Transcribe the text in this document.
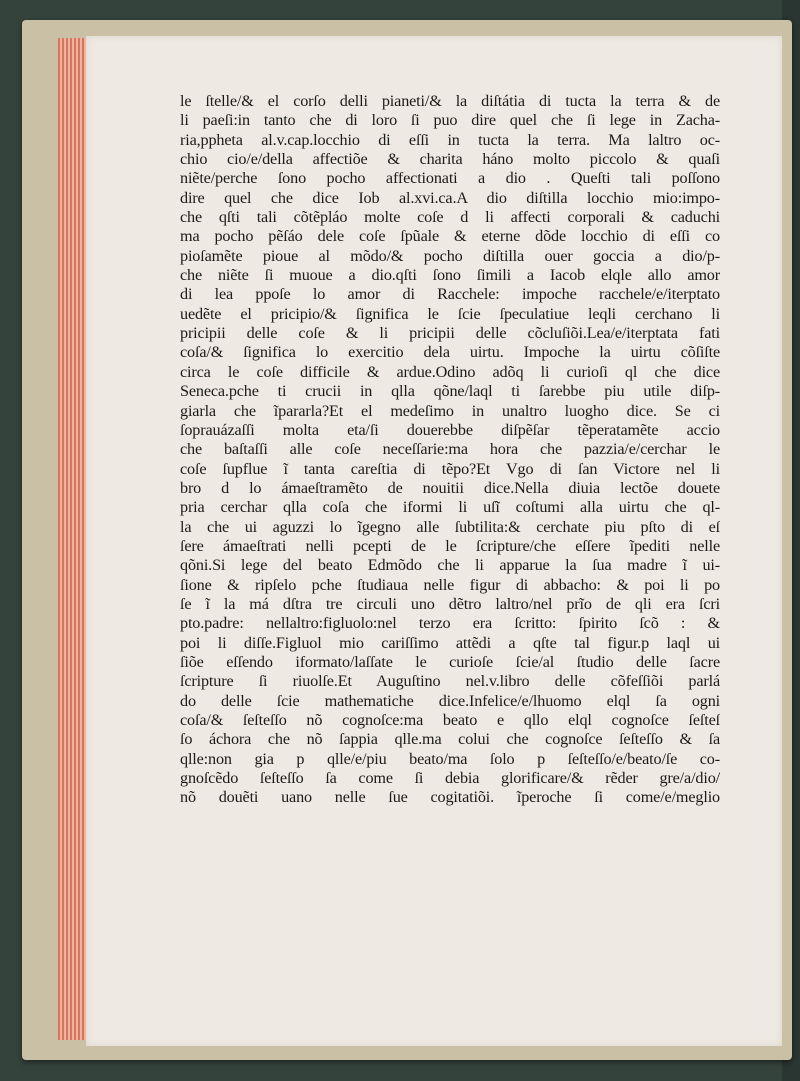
le ſtelle/& el corſo delli pianeti/& la diſtátia di tucta la terra & de
li paeſi:in tanto che di loro ſi puo dire quel che ſi lege in Zacha-
ria,ppheta al.v.cap.locchio di eſſi in tucta la terra. Ma laltro oc-
chio cio/e/della affectiõe & charita háno molto piccolo & quaſi
niẽte/perche ſono pocho affectionati a dio . Queſti tali poſſono
dire quel che dice Iob al.xvi.ca.A dio diſtilla locchio mio:impo-
che qſti tali cõtẽpláo molte coſe d li affecti corporali & caduchi
ma pocho pẽſáo dele coſe ſpũale & eterne dõde locchio di eſſi co
pioſamẽte pioue al mõdo/& pocho diſtilla ouer goccia a dio/p-
che niẽte ſi muoue a dio.qſti ſono ſimili a Iacob elqle allo amor
di lea ppoſe lo amor di Racchele: impoche racchele/e/iterptato
uedẽte el pricipio/& ſignifica le ſcie ſpeculatiue leqli cerchano li
pricipii delle coſe & li pricipii delle cõcluſiõi.Lea/e/iterptata fati
coſa/& ſignifica lo exercitio dela uirtu. Impoche la uirtu cõſiſte
circa le coſe difficile & ardue.Odino adõq li curioſi ql che dice
Seneca.pche ti crucii in qlla qõne/laql ti ſarebbe piu utile diſp-
giarla che ĩpararla?Et el medeſimo in unaltro luogho dice. Se ci
ſoprauázaſſi molta eta/ſi douerebbe diſpẽſar tẽperatamẽte accio
che baſtaſſi alle coſe neceſſarie:ma hora che pazzia/e/cerchar le
coſe ſupflue ĩ tanta careſtia di tẽpo?Et Vgo di ſan Victore nel li
bro d lo ámaeſtramẽto de nouitii dice.Nella diuia lectõe douete
pria cerchar qlla coſa che iformi li uſĩ coſtumi alla uirtu che ql-
la che ui aguzzi lo ĩgegno alle ſubtilita:& cerchate piu pſto di eſ
ſere ámaeſtrati nelli pcepti de le ſcripture/che eſſere ĩpediti nelle
qõni.Si lege del beato Edmõdo che li apparue la ſua madre ĩ ui-
ſione & ripſelo pche ſtudiaua nelle figur di abbacho: & poi li po
ſe ĩ la má dſtra tre circuli uno dẽtro laltro/nel prĩo de qli era ſcri
pto.padre: nellaltro:figluolo:nel terzo era ſcritto: ſpirito ſcõ : &
poi li diſſe.Figluol mio cariſſimo attẽdi a qſte tal figur.p laql ui
ſiõe eſſendo iformato/laſſate le curioſe ſcie/al ſtudio delle ſacre
ſcripture ſi riuolſe.Et Auguſtino nel.v.libro delle cõfeſſiõi parlá
do delle ſcie mathematiche dice.Infelice/e/lhuomo elql ſa ogni
coſa/& ſeſteſſo nõ cognoſce:ma beato e qllo elql cognoſce ſeſteſ
ſo áchora che nõ ſappia qlle.ma colui che cognoſce ſeſteſſo & ſa
qlle:non gia p qlle/e/piu beato/ma ſolo p ſeſteſſo/e/beato/ſe co-
gnoſcẽdo ſeſteſſo ſa come ſi debia glorificare/& rẽder gre/a/dio/
nõ douẽti uano nelle ſue cogitatiõi. ĩperoche ſi come/e/meglio
